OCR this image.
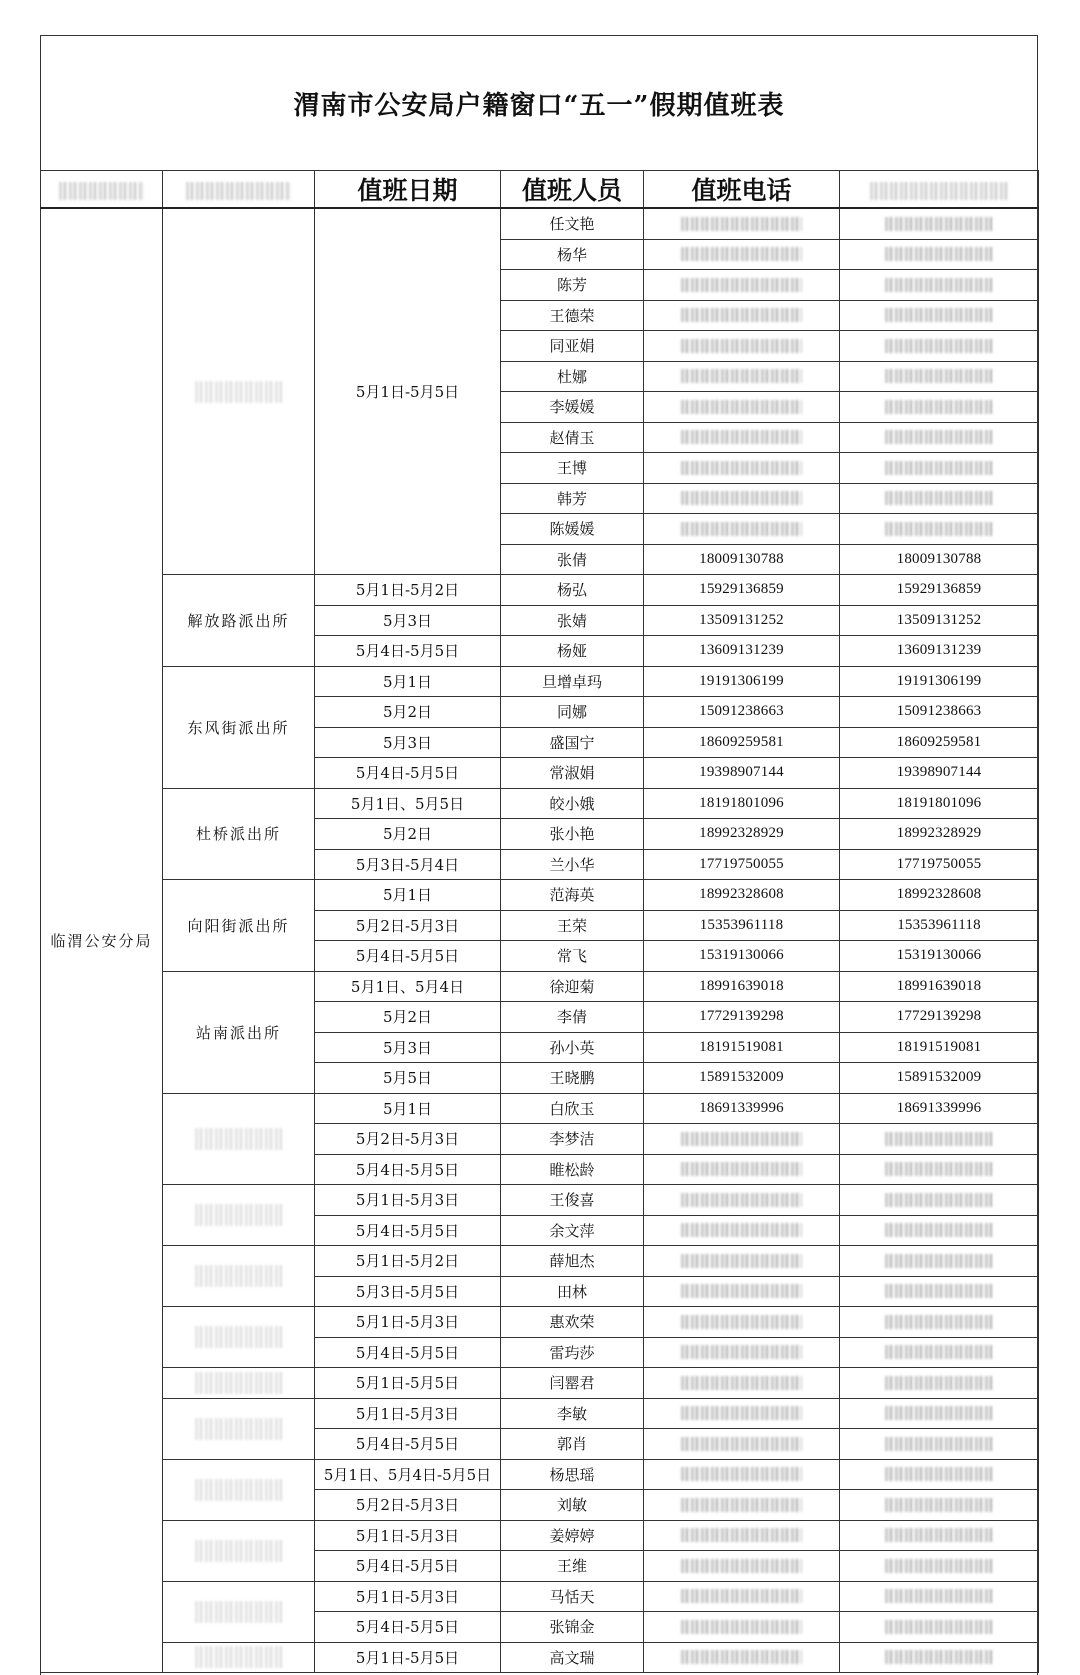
渭南市公安局户籍窗口“五一”假期值班表
		值班日期	值班人员	值班电话	
临渭公安分局		5月1日-5月5日	任文艳		
			杨华		
			陈芳		
			王德荣		
			同亚娟		
			杜娜		
			李媛媛		
			赵倩玉		
			王博		
			韩芳		
			陈媛媛		
			张倩	18009130788	18009130788
	解放路派出所	5月1日-5月2日	杨弘	15929136859	15929136859
		5月3日	张婧	13509131252	13509131252
		5月4日-5月5日	杨娅	13609131239	13609131239
	东风街派出所	5月1日	旦增卓玛	19191306199	19191306199
		5月2日	同娜	15091238663	15091238663
		5月3日	盛国宁	18609259581	18609259581
		5月4日-5月5日	常淑娟	19398907144	19398907144
	杜桥派出所	5月1日、5月5日	皎小娥	18191801096	18191801096
		5月2日	张小艳	18992328929	18992328929
		5月3日-5月4日	兰小华	17719750055	17719750055
	向阳街派出所	5月1日	范海英	18992328608	18992328608
		5月2日-5月3日	王荣	15353961118	15353961118
		5月4日-5月5日	常飞	15319130066	15319130066
	站南派出所	5月1日、5月4日	徐迎菊	18991639018	18991639018
		5月2日	李倩	17729139298	17729139298
		5月3日	孙小英	18191519081	18191519081
		5月5日	王晓鹏	15891532009	15891532009
		5月1日	白欣玉	18691339996	18691339996
		5月2日-5月3日	李梦洁		
		5月4日-5月5日	睢松龄		
		5月1日-5月3日	王俊喜		
		5月4日-5月5日	余文萍		
		5月1日-5月2日	薛旭杰		
		5月3日-5月5日	田林		
		5月1日-5月3日	惠欢荣		
		5月4日-5月5日	雷玙莎		
		5月1日-5月5日	闫罂君		
		5月1日-5月3日	李敏		
		5月4日-5月5日	郭肖		
		5月1日、5月4日-5月5日	杨思瑶		
		5月2日-5月3日	刘敏		
		5月1日-5月3日	姜婷婷		
		5月4日-5月5日	王维		
		5月1日-5月3日	马恬天		
		5月4日-5月5日	张锦金		
		5月1日-5月5日	高文瑞		
